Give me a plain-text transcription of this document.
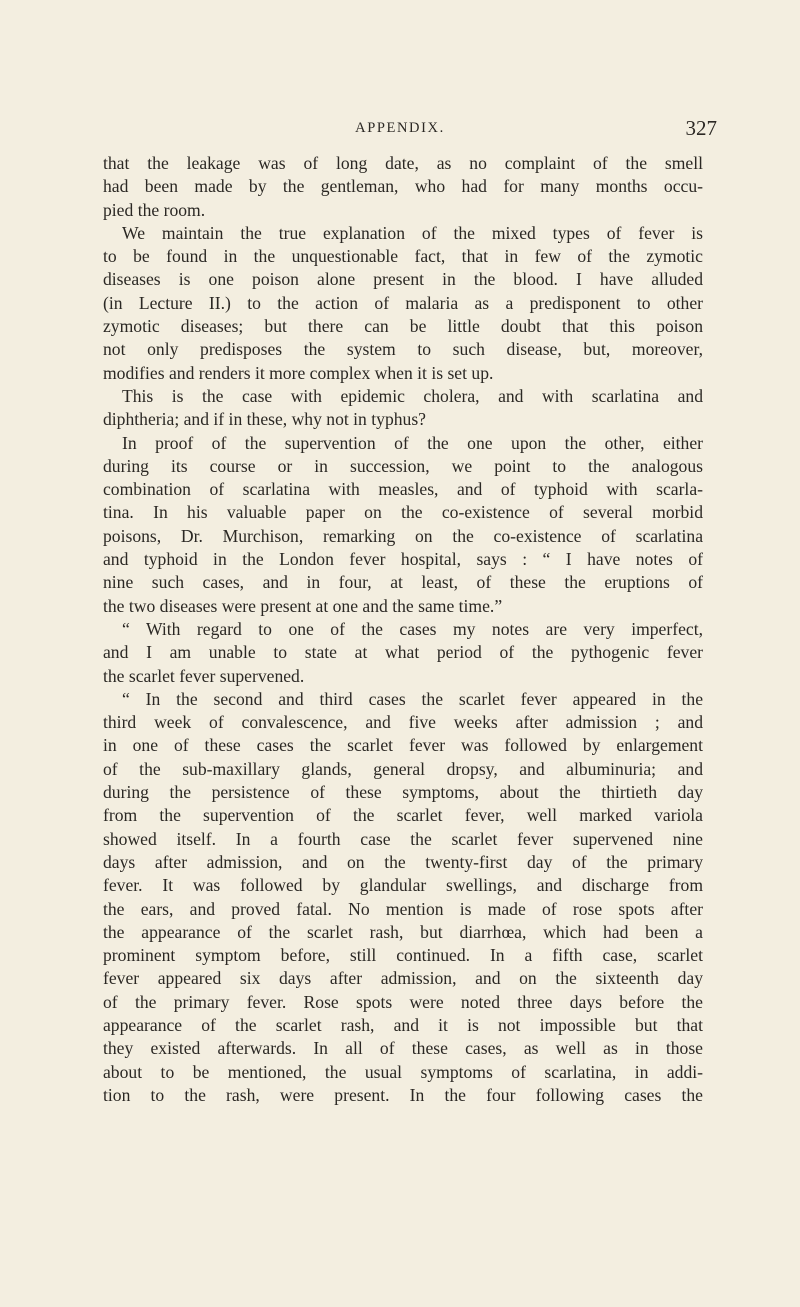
APPENDIX.	327
that the leakage was of long date, as no complaint of the smell
had been made by the gentleman, who had for many months occu-
pied the room.
We maintain the true explanation of the mixed types of fever is
to be found in the unquestionable fact, that in few of the zymotic
diseases is one poison alone present in the blood. I have alluded
(in Lecture II.) to the action of malaria as a predisponent to other
zymotic diseases; but there can be little doubt that this poison
not only predisposes the system to such disease, but, moreover,
modifies and renders it more complex when it is set up.
This is the case with epidemic cholera, and with scarlatina and
diphtheria; and if in these, why not in typhus?
In proof of the supervention of the one upon the other, either
during its course or in succession, we point to the analogous
combination of scarlatina with measles, and of typhoid with scarla-
tina. In his valuable paper on the co-existence of several morbid
poisons, Dr. Murchison, remarking on the co-existence of scarlatina
and typhoid in the London fever hospital, says : “ I have notes of
nine such cases, and in four, at least, of these the eruptions of
the two diseases were present at one and the same time.”
“ With regard to one of the cases my notes are very imperfect,
and I am unable to state at what period of the pythogenic fever
the scarlet fever supervened.
“ In the second and third cases the scarlet fever appeared in the
third week of convalescence, and five weeks after admission ; and
in one of these cases the scarlet fever was followed by enlargement
of the sub-maxillary glands, general dropsy, and albuminuria; and
during the persistence of these symptoms, about the thirtieth day
from the supervention of the scarlet fever, well marked variola
showed itself. In a fourth case the scarlet fever supervened nine
days after admission, and on the twenty-first day of the primary
fever. It was followed by glandular swellings, and discharge from
the ears, and proved fatal. No mention is made of rose spots after
the appearance of the scarlet rash, but diarrhœa, which had been a
prominent symptom before, still continued. In a fifth case, scarlet
fever appeared six days after admission, and on the sixteenth day
of the primary fever. Rose spots were noted three days before the
appearance of the scarlet rash, and it is not impossible but that
they existed afterwards. In all of these cases, as well as in those
about to be mentioned, the usual symptoms of scarlatina, in addi-
tion to the rash, were present. In the four following cases the
